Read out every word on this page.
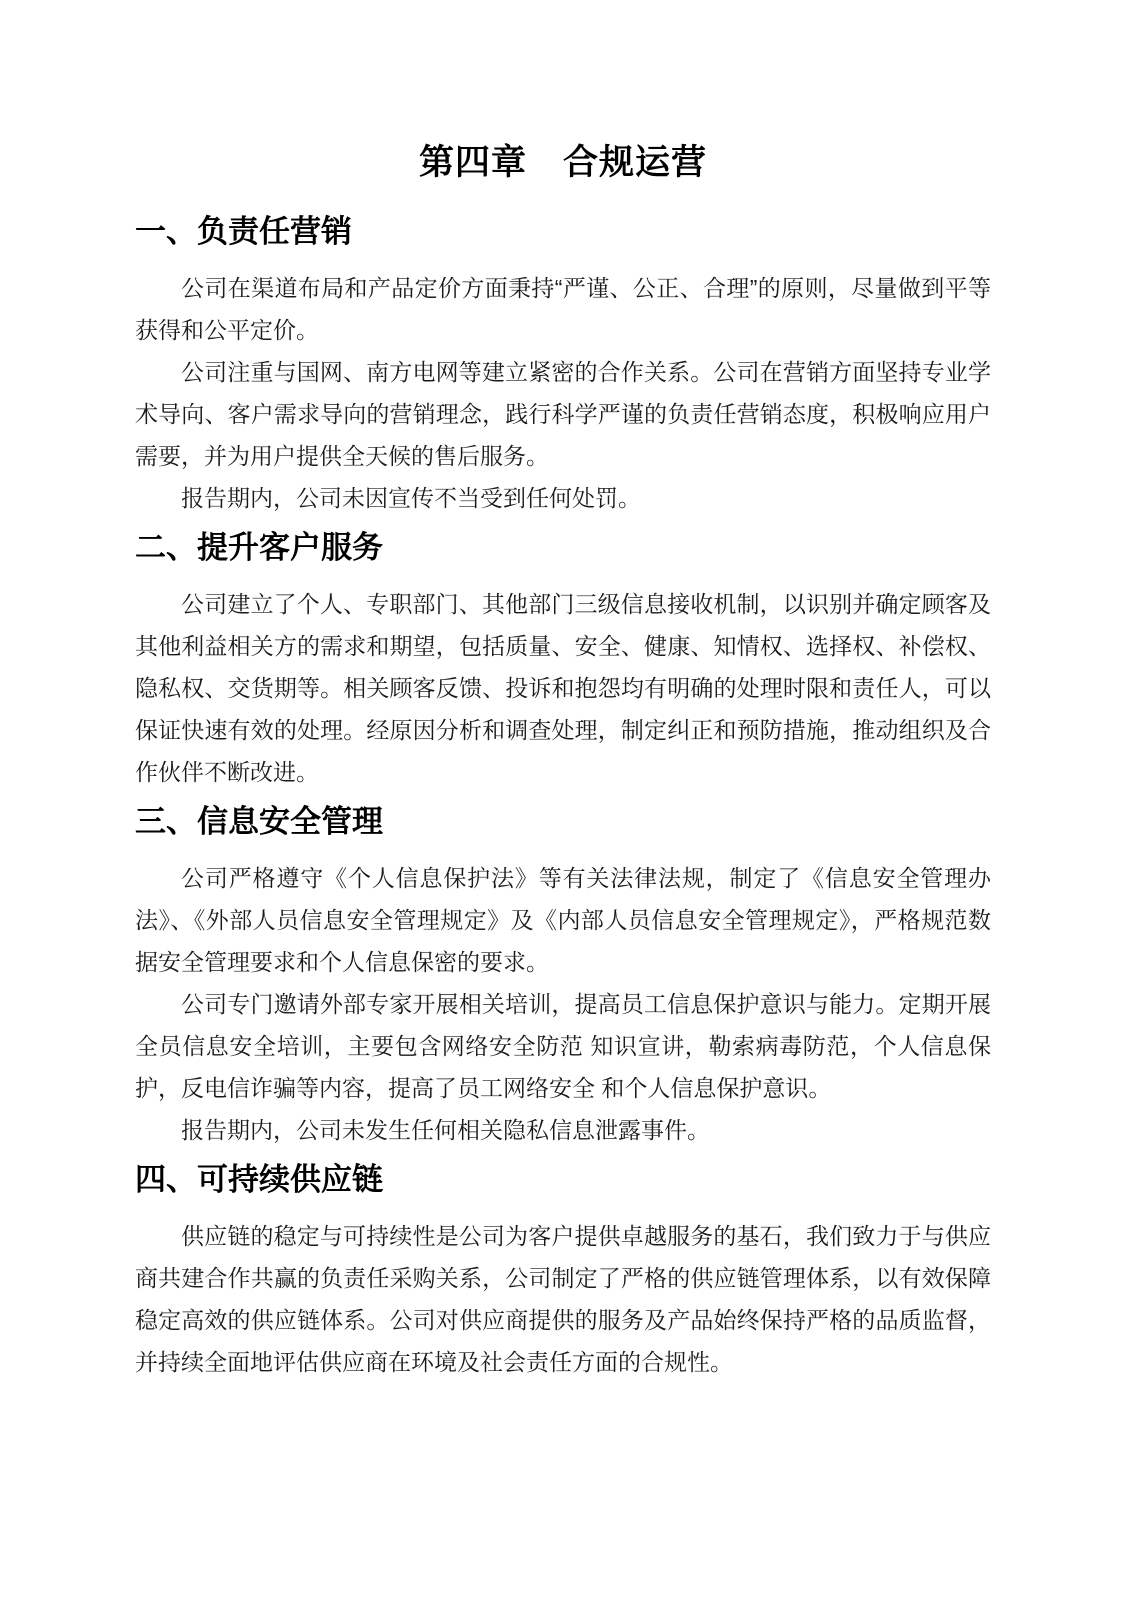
第四章　合规运营
一、负责任营销

公司在渠道布局和产品定价方面秉持“严谨、公正、合理”的原则，尽量做到平等获得和公平定价。

公司注重与国网、南方电网等建立紧密的合作关系。公司在营销方面坚持专业学术导向、客户需求导向的营销理念，践行科学严谨的负责任营销态度，积极响应用户需要，并为用户提供全天候的售后服务。

报告期内，公司未因宣传不当受到任何处罚。

二、提升客户服务

公司建立了个人、专职部门、其他部门三级信息接收机制，以识别并确定顾客及其他利益相关方的需求和期望，包括质量、安全、健康、知情权、选择权、补偿权、隐私权、交货期等。相关顾客反馈、投诉和抱怨均有明确的处理时限和责任人，可以保证快速有效的处理。经原因分析和调查处理，制定纠正和预防措施，推动组织及合作伙伴不断改进。

三、信息安全管理

公司严格遵守《个人信息保护法》等有关法律法规，制定了《信息安全管理办法》、《外部人员信息安全管理规定》及《内部人员信息安全管理规定》，严格规范数据安全管理要求和个人信息保密的要求。

公司专门邀请外部专家开展相关培训，提高员工信息保护意识与能力。定期开展全员信息安全培训，主要包含网络安全防范 知识宣讲，勒索病毒防范，个人信息保护，反电信诈骗等内容，提高了员工网络安全 和个人信息保护意识。

报告期内，公司未发生任何相关隐私信息泄露事件。

四、可持续供应链

供应链的稳定与可持续性是公司为客户提供卓越服务的基石，我们致力于与供应商共建合作共赢的负责任采购关系，公司制定了严格的供应链管理体系，以有效保障稳定高效的供应链体系。公司对供应商提供的服务及产品始终保持严格的品质监督，并持续全面地评估供应商在环境及社会责任方面的合规性。
